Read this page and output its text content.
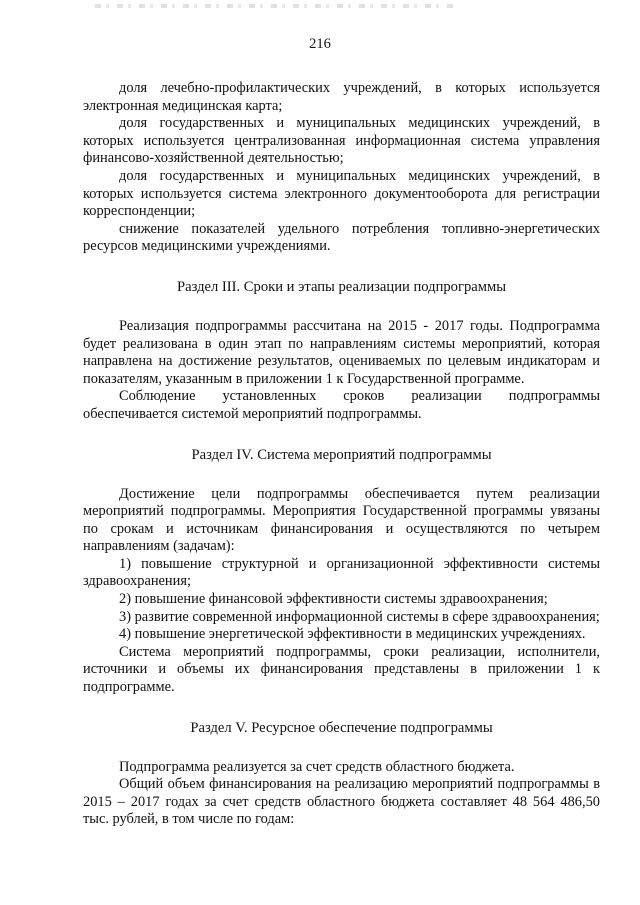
216

доля лечебно-профилактических учреждений, в которых используется электронная медицинская карта;

доля государственных и муниципальных медицинских учреждений, в которых используется централизованная информационная система управления финансово-хозяйственной деятельностью;

доля государственных и муниципальных медицинских учреждений, в которых используется система электронного документооборота для регистрации корреспонденции;

снижение показателей удельного потребления топливно-энергетических ресурсов медицинскими учреждениями.

Раздел III. Сроки и этапы реализации подпрограммы

Реализация подпрограммы рассчитана на 2015 - 2017 годы. Подпрограмма будет реализована в один этап по направлениям системы мероприятий, которая направлена на достижение результатов, оцениваемых по целевым индикаторам и показателям, указанным в приложении 1 к Государственной программе.

Соблюдение установленных сроков реализации подпрограммы обеспечивается системой мероприятий подпрограммы.

Раздел IV. Система мероприятий подпрограммы

Достижение цели подпрограммы обеспечивается путем реализации мероприятий подпрограммы. Мероприятия Государственной программы увязаны по срокам и источникам финансирования и осуществляются по четырем направлениям (задачам):

1) повышение структурной и организационной эффективности системы здравоохранения;

2) повышение финансовой эффективности системы здравоохранения;

3) развитие современной информационной системы в сфере здравоохранения;

4) повышение энергетической эффективности в медицинских учреждениях.

Система мероприятий подпрограммы, сроки реализации, исполнители, источники и объемы их финансирования представлены в приложении 1 к подпрограмме.

Раздел V. Ресурсное обеспечение подпрограммы

Подпрограмма реализуется за счет средств областного бюджета.

Общий объем финансирования на реализацию мероприятий подпрограммы в 2015 – 2017 годах за счет средств областного бюджета составляет 48 564 486,50 тыс. рублей, в том числе по годам:
